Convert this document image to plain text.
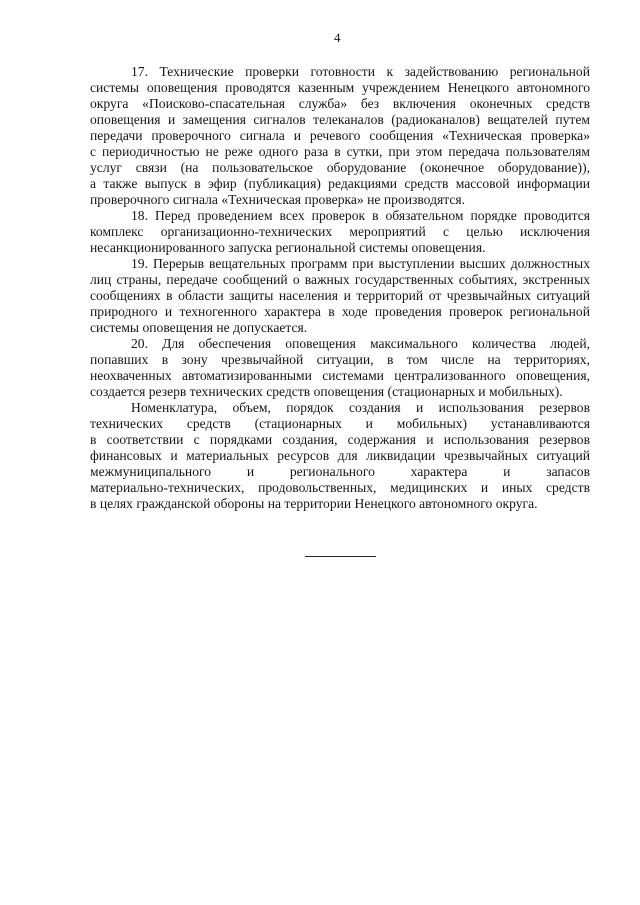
4
17. Технические проверки готовности к задействованию региональной
системы оповещения проводятся казенным учреждением Ненецкого автономного
округа «Поисково-спасательная служба» без включения оконечных средств
оповещения и замещения сигналов телеканалов (радиоканалов) вещателей путем
передачи проверочного сигнала и речевого сообщения «Техническая проверка»
с периодичностью не реже одного раза в сутки, при этом передача пользователям
услуг связи (на пользовательское оборудование (оконечное оборудование)),
а также выпуск в эфир (публикация) редакциями средств массовой информации
проверочного сигнала «Техническая проверка» не производятся.
18. Перед проведением всех проверок в обязательном порядке проводится
комплекс организационно-технических мероприятий с целью исключения
несанкционированного запуска региональной системы оповещения.
19. Перерыв вещательных программ при выступлении высших должностных
лиц страны, передаче сообщений о важных государственных событиях, экстренных
сообщениях в области защиты населения и территорий от чрезвычайных ситуаций
природного и техногенного характера в ходе проведения проверок региональной
системы оповещения не допускается.
20. Для обеспечения оповещения максимального количества людей,
попавших в зону чрезвычайной ситуации, в том числе на территориях,
неохваченных автоматизированными системами централизованного оповещения,
создается резерв технических средств оповещения (стационарных и мобильных).
Номенклатура, объем, порядок создания и использования резервов
технических средств (стационарных и мобильных) устанавливаются
в соответствии с порядками создания, содержания и использования резервов
финансовых и материальных ресурсов для ликвидации чрезвычайных ситуаций
межмуниципального и регионального характера и запасов
материально-технических, продовольственных, медицинских и иных средств
в целях гражданской обороны на территории Ненецкого автономного округа.
